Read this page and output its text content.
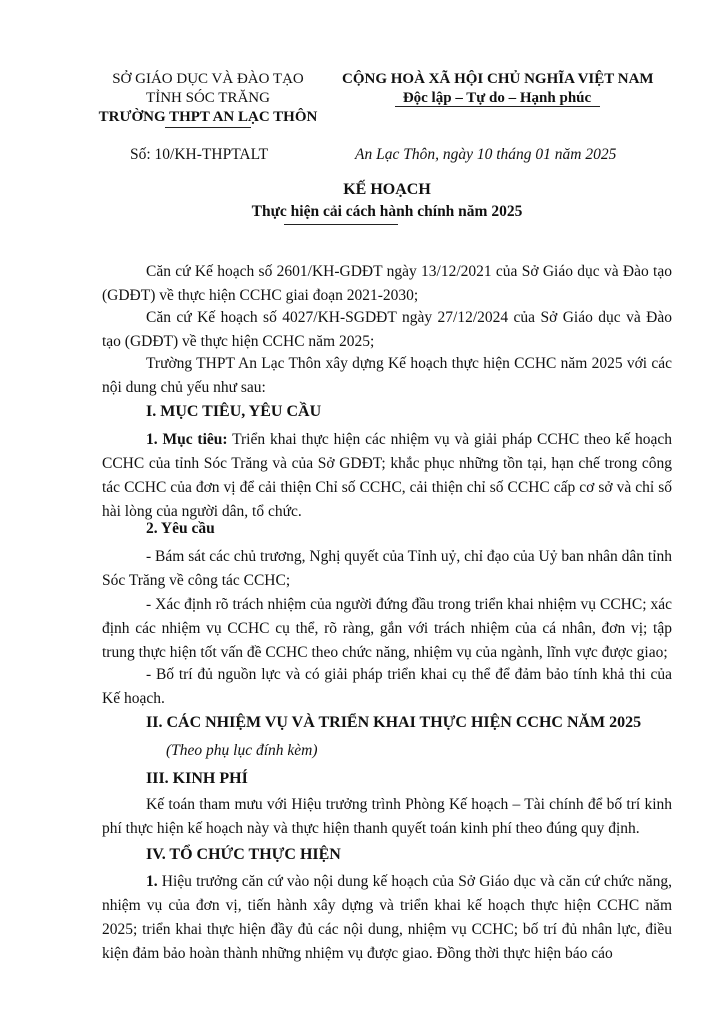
SỞ GIÁO DỤC VÀ ĐÀO TẠO
TỈNH SÓC TRĂNG
TRƯỜNG THPT AN LẠC THÔN
CỘNG HOÀ XÃ HỘI CHỦ NGHĨA VIỆT NAM
Độc lập – Tự do – Hạnh phúc
Số: 10/KH-THPTALT	An Lạc Thôn, ngày 10 tháng 01 năm 2025
KẾ HOẠCH
Thực hiện cải cách hành chính năm 2025
Căn cứ Kế hoạch số 2601/KH-GDĐT ngày 13/12/2021 của Sở Giáo dục và Đào tạo (GDĐT) về thực hiện CCHC giai đoạn 2021-2030;
Căn cứ Kế hoạch số 4027/KH-SGDĐT ngày 27/12/2024 của Sở Giáo dục và Đào tạo (GDĐT) về thực hiện CCHC năm 2025;
Trường THPT An Lạc Thôn xây dựng Kế hoạch thực hiện CCHC năm 2025 với các nội dung chủ yếu như sau:
I. MỤC TIÊU, YÊU CẦU
1. Mục tiêu: Triển khai thực hiện các nhiệm vụ và giải pháp CCHC theo kế hoạch CCHC của tỉnh Sóc Trăng và của Sở GDĐT; khắc phục những tồn tại, hạn chế trong công tác CCHC của đơn vị để cải thiện Chỉ số CCHC, cải thiện chỉ số CCHC cấp cơ sở và chỉ số hài lòng của người dân, tổ chức.
2. Yêu cầu
- Bám sát các chủ trương, Nghị quyết của Tỉnh uỷ, chỉ đạo của Uỷ ban nhân dân tỉnh Sóc Trăng về công tác CCHC;
- Xác định rõ trách nhiệm của người đứng đầu trong triển khai nhiệm vụ CCHC; xác định các nhiệm vụ CCHC cụ thể, rõ ràng, gắn với trách nhiệm của cá nhân, đơn vị; tập trung thực hiện tốt vấn đề CCHC theo chức năng, nhiệm vụ của ngành, lĩnh vực được giao;
- Bố trí đủ nguồn lực và có giải pháp triển khai cụ thể để đảm bảo tính khả thi của Kế hoạch.
II. CÁC NHIỆM VỤ VÀ TRIỂN KHAI THỰC HIỆN CCHC NĂM 2025
(Theo phụ lục đính kèm)
III. KINH PHÍ
Kế toán tham mưu với Hiệu trưởng trình Phòng Kế hoạch – Tài chính để bố trí kinh phí thực hiện kế hoạch này và thực hiện thanh quyết toán kinh phí theo đúng quy định.
IV. TỔ CHỨC THỰC HIỆN
1. Hiệu trưởng căn cứ vào nội dung kế hoạch của Sở Giáo dục và căn cứ chức năng, nhiệm vụ của đơn vị, tiến hành xây dựng và triển khai kế hoạch thực hiện CCHC năm 2025; triển khai thực hiện đầy đủ các nội dung, nhiệm vụ CCHC; bố trí đủ nhân lực, điều kiện đảm bảo hoàn thành những nhiệm vụ được giao. Đồng thời thực hiện báo cáo
